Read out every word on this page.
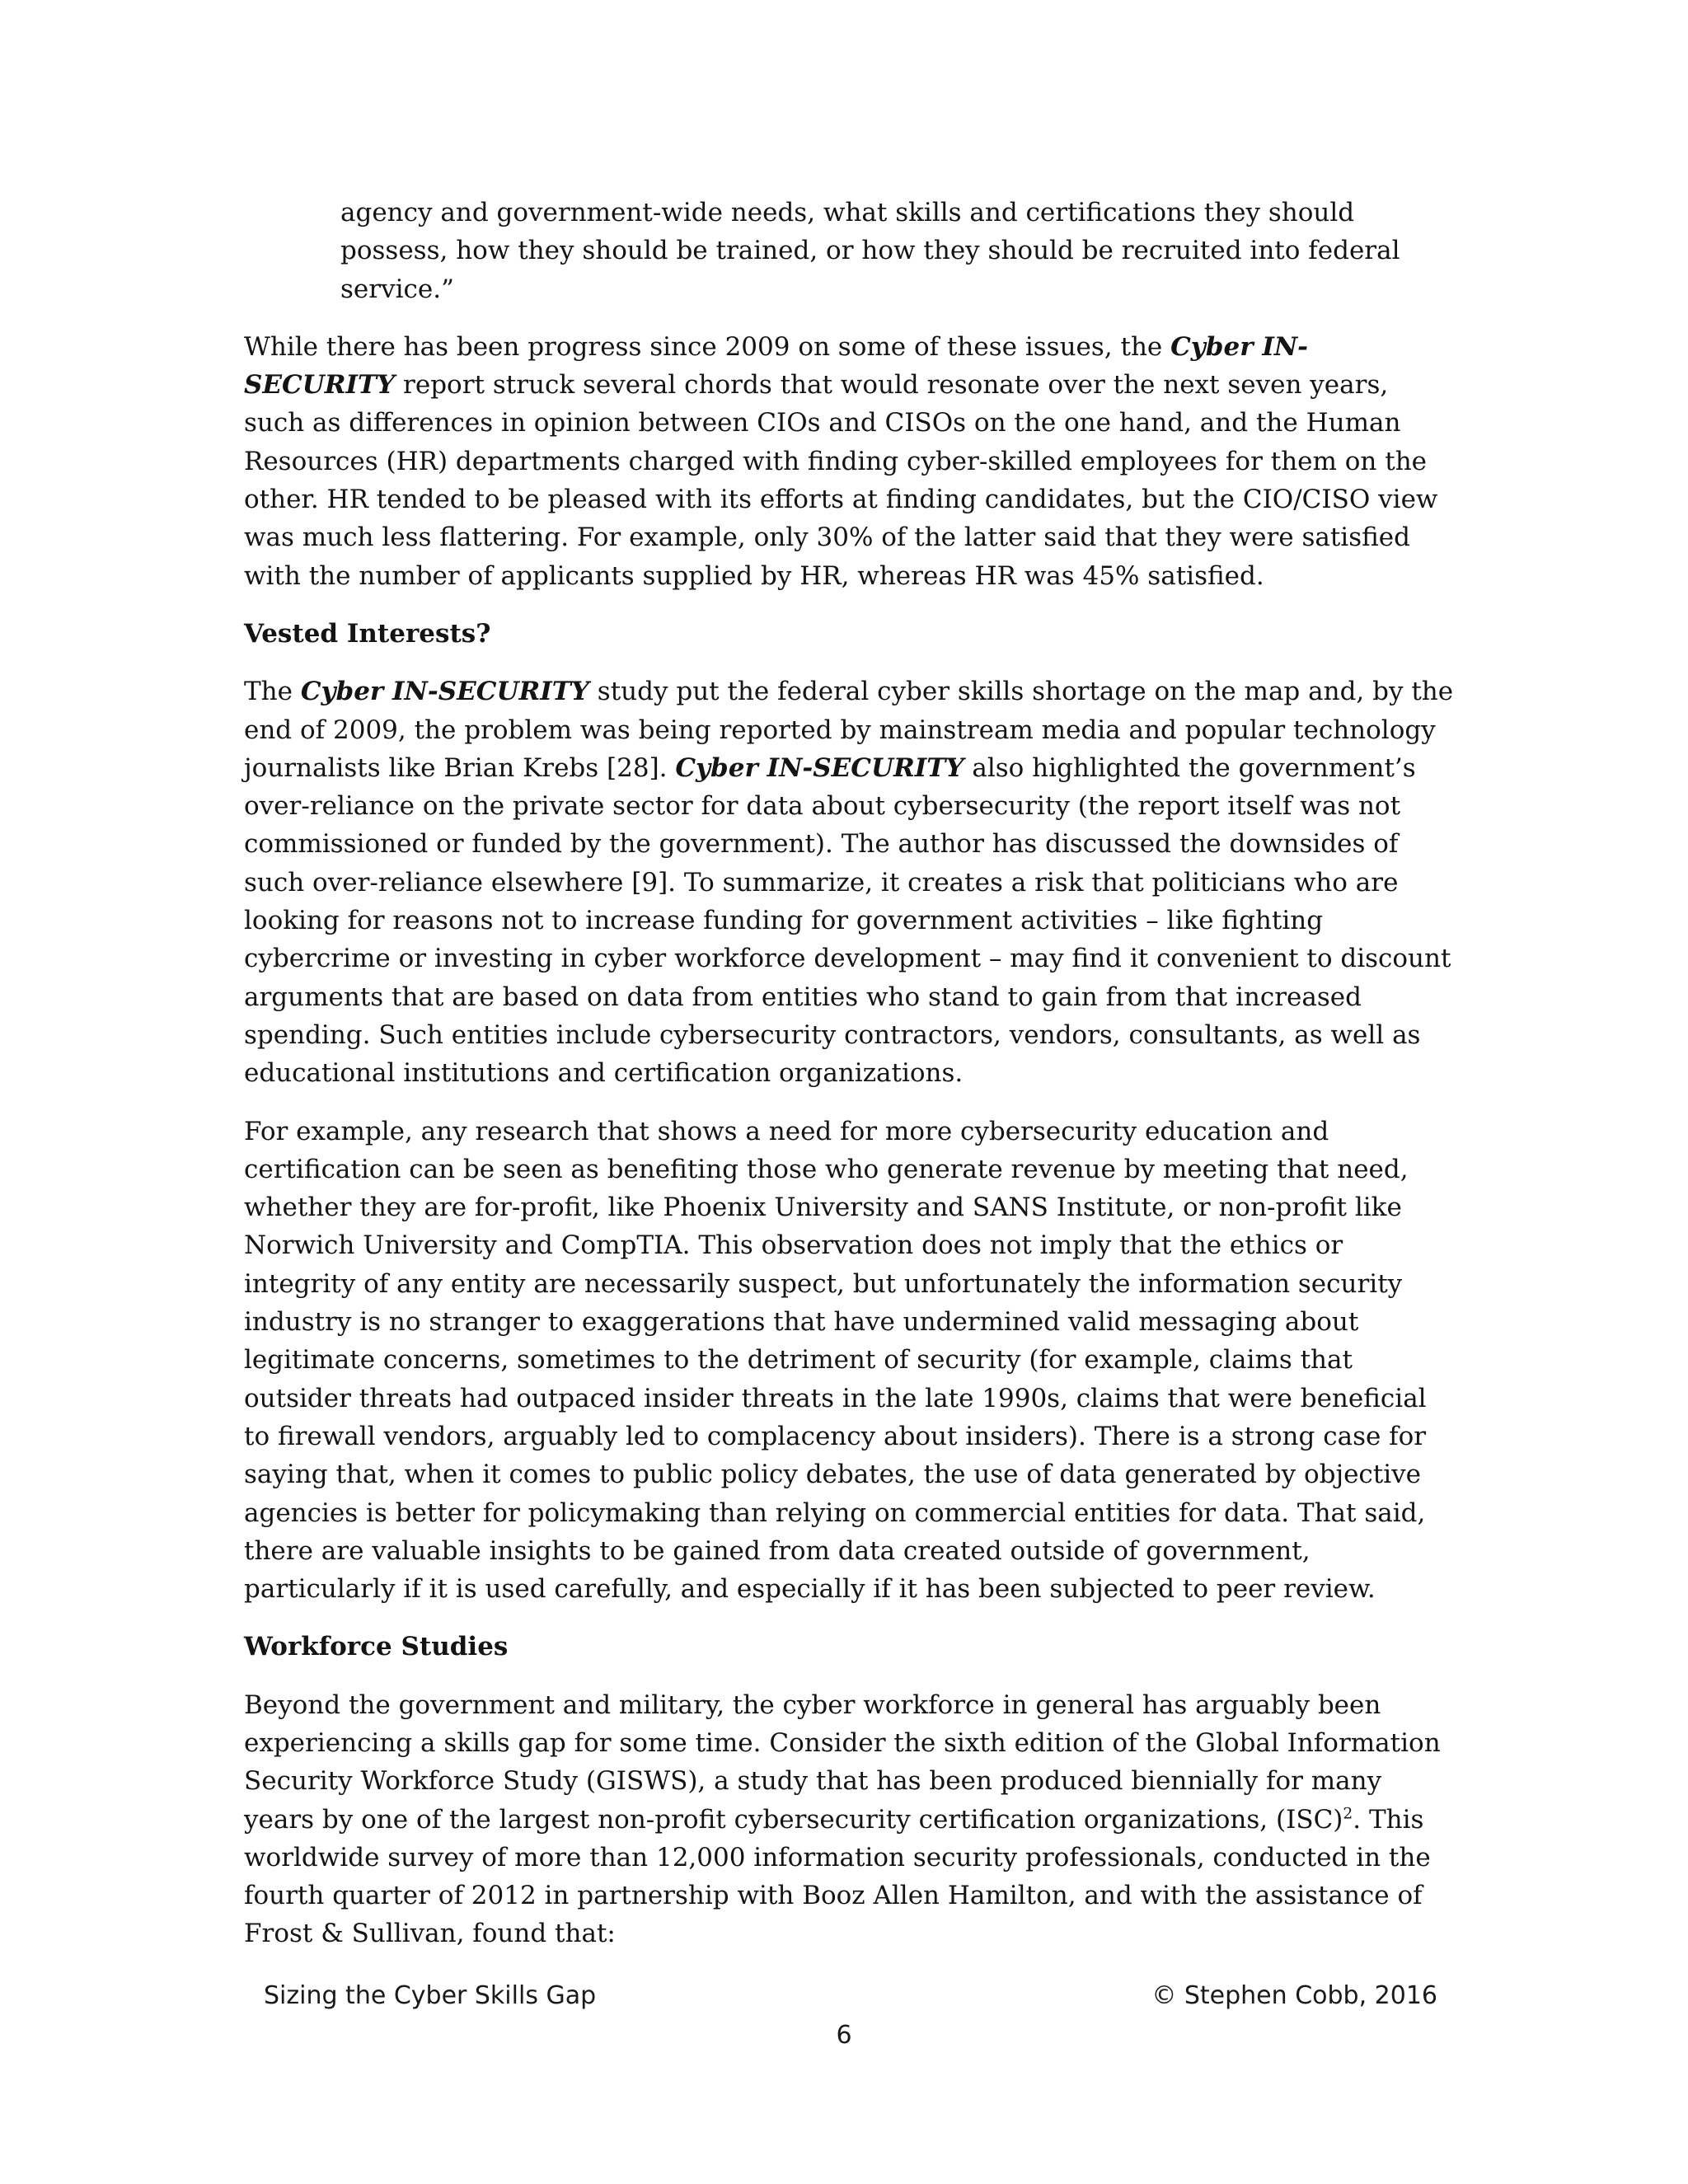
agency and government-wide needs, what skills and certifications they should possess, how they should be trained, or how they should be recruited into federal service.”

While there has been progress since 2009 on some of these issues, the Cyber IN-SECURITY report struck several chords that would resonate over the next seven years, such as differences in opinion between CIOs and CISOs on the one hand, and the Human Resources (HR) departments charged with finding cyber-skilled employees for them on the other. HR tended to be pleased with its efforts at finding candidates, but the CIO/CISO view was much less flattering. For example, only 30% of the latter said that they were satisfied with the number of applicants supplied by HR, whereas HR was 45% satisfied.

Vested Interests?

The Cyber IN-SECURITY study put the federal cyber skills shortage on the map and, by the end of 2009, the problem was being reported by mainstream media and popular technology journalists like Brian Krebs [28]. Cyber IN-SECURITY also highlighted the government’s over-reliance on the private sector for data about cybersecurity (the report itself was not commissioned or funded by the government). The author has discussed the downsides of such over-reliance elsewhere [9]. To summarize, it creates a risk that politicians who are looking for reasons not to increase funding for government activities – like fighting cybercrime or investing in cyber workforce development – may find it convenient to discount arguments that are based on data from entities who stand to gain from that increased spending. Such entities include cybersecurity contractors, vendors, consultants, as well as educational institutions and certification organizations.

For example, any research that shows a need for more cybersecurity education and certification can be seen as benefiting those who generate revenue by meeting that need, whether they are for-profit, like Phoenix University and SANS Institute, or non-profit like Norwich University and CompTIA. This observation does not imply that the ethics or integrity of any entity are necessarily suspect, but unfortunately the information security industry is no stranger to exaggerations that have undermined valid messaging about legitimate concerns, sometimes to the detriment of security (for example, claims that outsider threats had outpaced insider threats in the late 1990s, claims that were beneficial to firewall vendors, arguably led to complacency about insiders). There is a strong case for saying that, when it comes to public policy debates, the use of data generated by objective agencies is better for policymaking than relying on commercial entities for data. That said, there are valuable insights to be gained from data created outside of government, particularly if it is used carefully, and especially if it has been subjected to peer review.

Workforce Studies

Beyond the government and military, the cyber workforce in general has arguably been experiencing a skills gap for some time. Consider the sixth edition of the Global Information Security Workforce Study (GISWS), a study that has been produced biennially for many years by one of the largest non-profit cybersecurity certification organizations, (ISC)$^2$. This worldwide survey of more than 12,000 information security professionals, conducted in the fourth quarter of 2012 in partnership with Booz Allen Hamilton, and with the assistance of Frost & Sullivan, found that:

Sizing the Cyber Skills Gap	© Stephen Cobb, 2016
6
